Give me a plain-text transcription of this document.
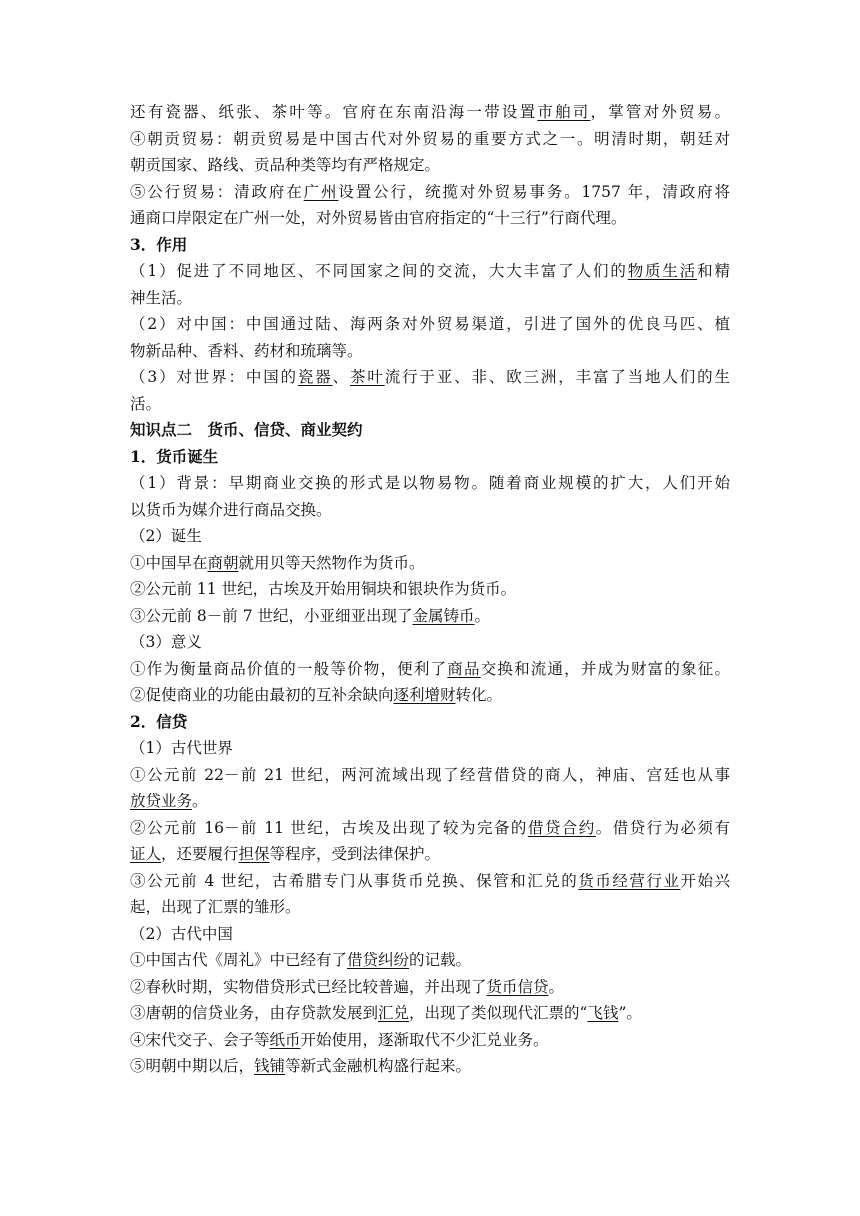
还有瓷器、纸张、茶叶等。官府在东南沿海一带设置市舶司，掌管对外贸易。
④朝贡贸易：朝贡贸易是中国古代对外贸易的重要方式之一。明清时期，朝廷对
朝贡国家、路线、贡品种类等均有严格规定。
⑤公行贸易：清政府在广州设置公行，统揽对外贸易事务。1757 年，清政府将
通商口岸限定在广州一处，对外贸易皆由官府指定的“十三行”行商代理。
3．作用
（1）促进了不同地区、不同国家之间的交流，大大丰富了人们的物质生活和精
神生活。
（2）对中国：中国通过陆、海两条对外贸易渠道，引进了国外的优良马匹、植
物新品种、香料、药材和琉璃等。
（3）对世界：中国的瓷器、茶叶流行于亚、非、欧三洲，丰富了当地人们的生
活。
知识点二　货币、信贷、商业契约
1．货币诞生
（1）背景：早期商业交换的形式是以物易物。随着商业规模的扩大，人们开始
以货币为媒介进行商品交换。
（2）诞生
①中国早在商朝就用贝等天然物作为货币。
②公元前 11 世纪，古埃及开始用铜块和银块作为货币。
③公元前 8－前 7 世纪，小亚细亚出现了金属铸币。
（3）意义
①作为衡量商品价值的一般等价物，便利了商品交换和流通，并成为财富的象征。
②促使商业的功能由最初的互补余缺向逐利增财转化。
2．信贷
（1）古代世界
①公元前 22－前 21 世纪，两河流域出现了经营借贷的商人，神庙、宫廷也从事
放贷业务。
②公元前 16－前 11 世纪，古埃及出现了较为完备的借贷合约。借贷行为必须有
证人，还要履行担保等程序，受到法律保护。
③公元前 4 世纪，古希腊专门从事货币兑换、保管和汇兑的货币经营行业开始兴
起，出现了汇票的雏形。
（2）古代中国
①中国古代《周礼》中已经有了借贷纠纷的记载。
②春秋时期，实物借贷形式已经比较普遍，并出现了货币信贷。
③唐朝的信贷业务，由存贷款发展到汇兑，出现了类似现代汇票的“飞钱”。
④宋代交子、会子等纸币开始使用，逐渐取代不少汇兑业务。
⑤明朝中期以后，钱铺等新式金融机构盛行起来。
